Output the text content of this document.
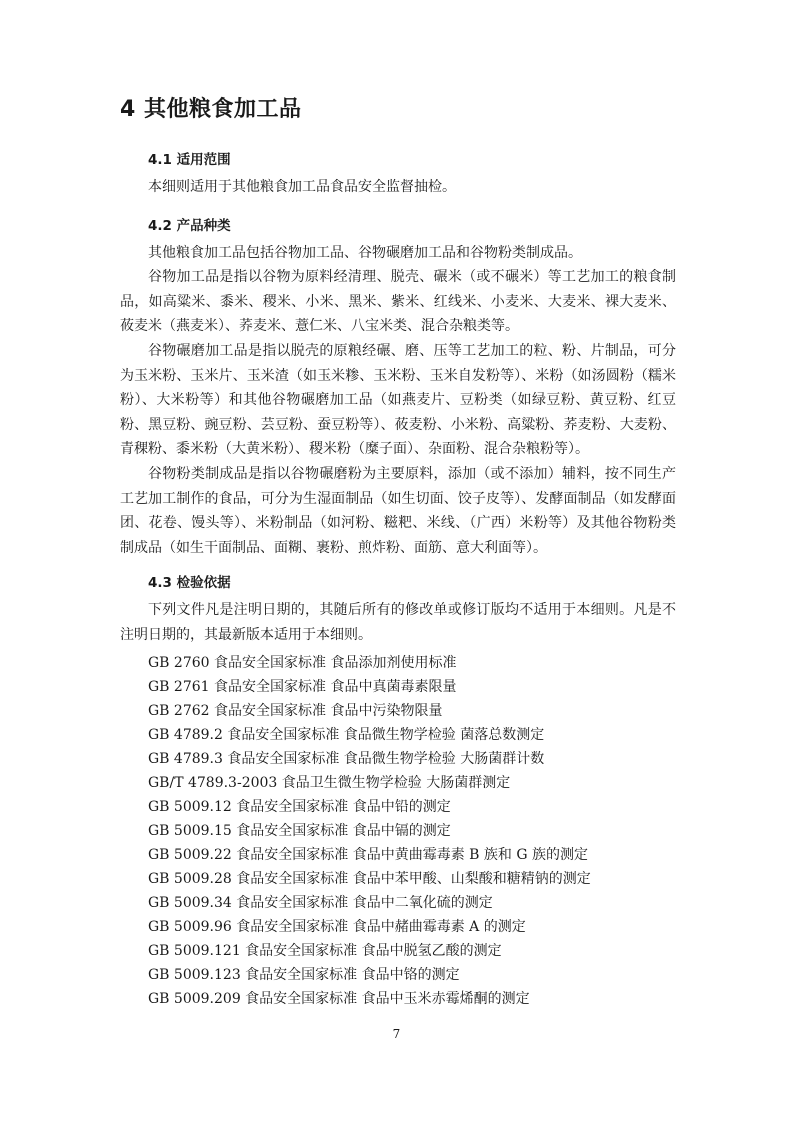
4 其他粮食加工品
4.1 适用范围
本细则适用于其他粮食加工品食品安全监督抽检。
4.2 产品种类
其他粮食加工品包括谷物加工品、谷物碾磨加工品和谷物粉类制成品。
谷物加工品是指以谷物为原料经清理、脱壳、碾米（或不碾米）等工艺加工的粮食制品，如高粱米、黍米、稷米、小米、黑米、紫米、红线米、小麦米、大麦米、裸大麦米、莜麦米（燕麦米）、荞麦米、薏仁米、八宝米类、混合杂粮类等。
谷物碾磨加工品是指以脱壳的原粮经碾、磨、压等工艺加工的粒、粉、片制品，可分为玉米粉、玉米片、玉米渣（如玉米糁、玉米粉、玉米自发粉等）、米粉（如汤圆粉（糯米粉）、大米粉等）和其他谷物碾磨加工品（如燕麦片、豆粉类（如绿豆粉、黄豆粉、红豆粉、黑豆粉、豌豆粉、芸豆粉、蚕豆粉等）、莜麦粉、小米粉、高粱粉、荞麦粉、大麦粉、青稞粉、黍米粉（大黄米粉）、稷米粉（糜子面）、杂面粉、混合杂粮粉等）。
谷物粉类制成品是指以谷物碾磨粉为主要原料，添加（或不添加）辅料，按不同生产工艺加工制作的食品，可分为生湿面制品（如生切面、饺子皮等）、发酵面制品（如发酵面团、花卷、馒头等）、米粉制品（如河粉、糍粑、米线、（广西）米粉等）及其他谷物粉类制成品（如生干面制品、面糊、裹粉、煎炸粉、面筋、意大利面等）。
4.3 检验依据
下列文件凡是注明日期的，其随后所有的修改单或修订版均不适用于本细则。凡是不注明日期的，其最新版本适用于本细则。
GB 2760 食品安全国家标准 食品添加剂使用标准
GB 2761 食品安全国家标准 食品中真菌毒素限量
GB 2762 食品安全国家标准 食品中污染物限量
GB 4789.2 食品安全国家标准 食品微生物学检验 菌落总数测定
GB 4789.3 食品安全国家标准 食品微生物学检验 大肠菌群计数
GB/T 4789.3-2003 食品卫生微生物学检验 大肠菌群测定
GB 5009.12 食品安全国家标准 食品中铅的测定
GB 5009.15 食品安全国家标准 食品中镉的测定
GB 5009.22 食品安全国家标准 食品中黄曲霉毒素 B 族和 G 族的测定
GB 5009.28 食品安全国家标准 食品中苯甲酸、山梨酸和糖精钠的测定
GB 5009.34 食品安全国家标准 食品中二氧化硫的测定
GB 5009.96 食品安全国家标准 食品中赭曲霉毒素 A 的测定
GB 5009.121 食品安全国家标准 食品中脱氢乙酸的测定
GB 5009.123 食品安全国家标准 食品中铬的测定
GB 5009.209 食品安全国家标准 食品中玉米赤霉烯酮的测定
7
